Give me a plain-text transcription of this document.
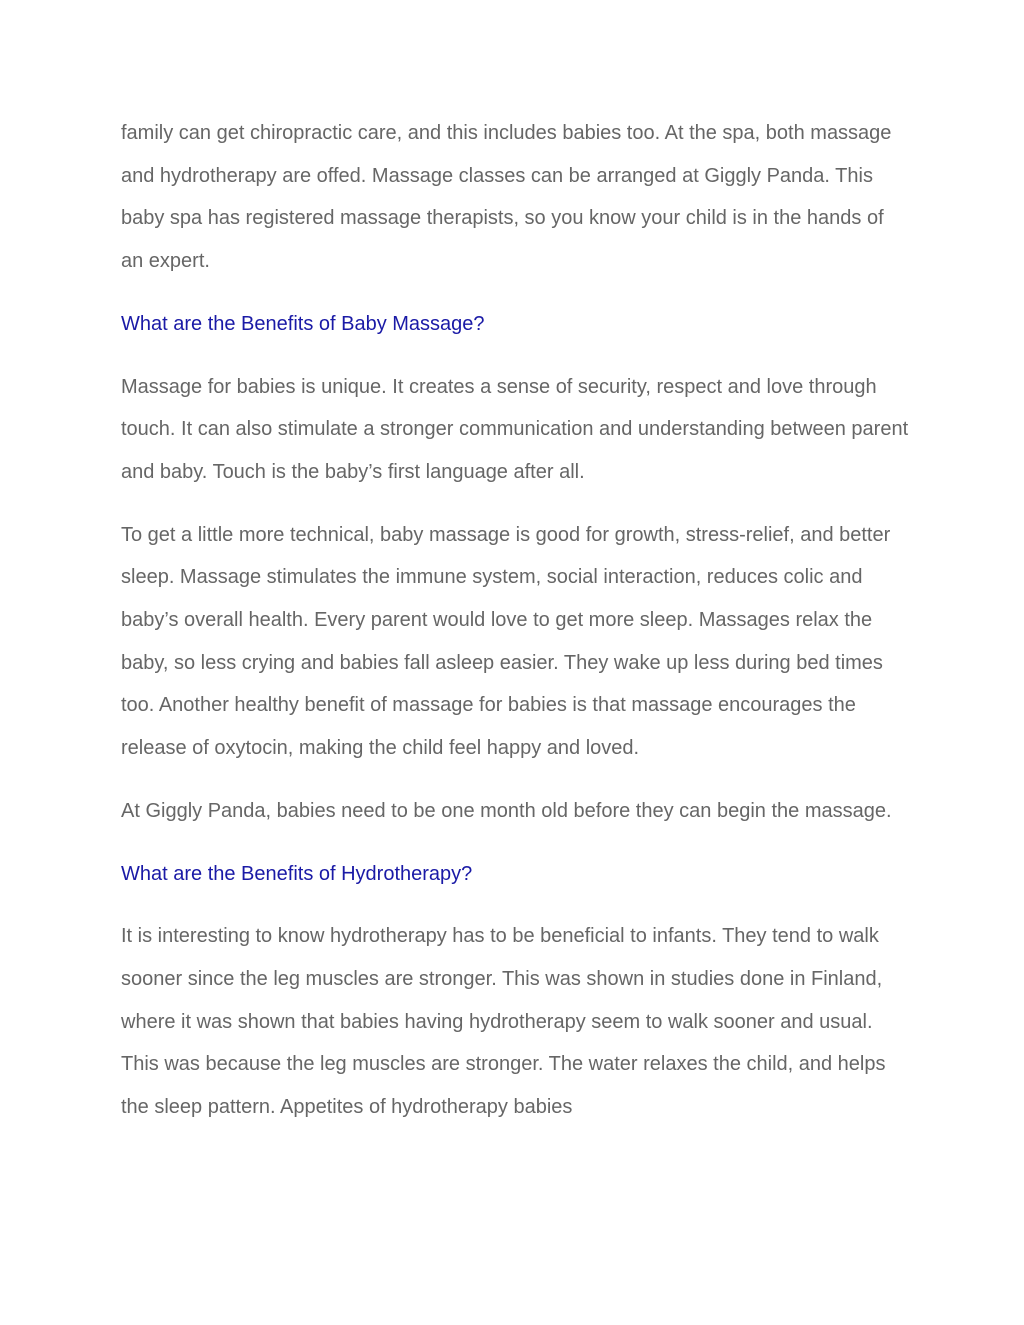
family can get chiropractic care, and this includes babies too. At the spa, both massage and hydrotherapy are offed. Massage classes can be arranged at Giggly Panda. This baby spa has registered massage therapists, so you know your child is in the hands of an expert.

What are the Benefits of Baby Massage?

Massage for babies is unique. It creates a sense of security, respect and love through touch. It can also stimulate a stronger communication and understanding between parent and baby. Touch is the baby’s first language after all.

To get a little more technical, baby massage is good for growth, stress-relief, and better sleep. Massage stimulates the immune system, social interaction, reduces colic and baby’s overall health. Every parent would love to get more sleep. Massages relax the baby, so less crying and babies fall asleep easier. They wake up less during bed times too. Another healthy benefit of massage for babies is that massage encourages the release of oxytocin, making the child feel happy and loved.

At Giggly Panda, babies need to be one month old before they can begin the massage.

What are the Benefits of Hydrotherapy?

It is interesting to know hydrotherapy has to be beneficial to infants. They tend to walk sooner since the leg muscles are stronger. This was shown in studies done in Finland, where it was shown that babies having hydrotherapy seem to walk sooner and usual. This was because the leg muscles are stronger. The water relaxes the child, and helps the sleep pattern. Appetites of hydrotherapy babies
